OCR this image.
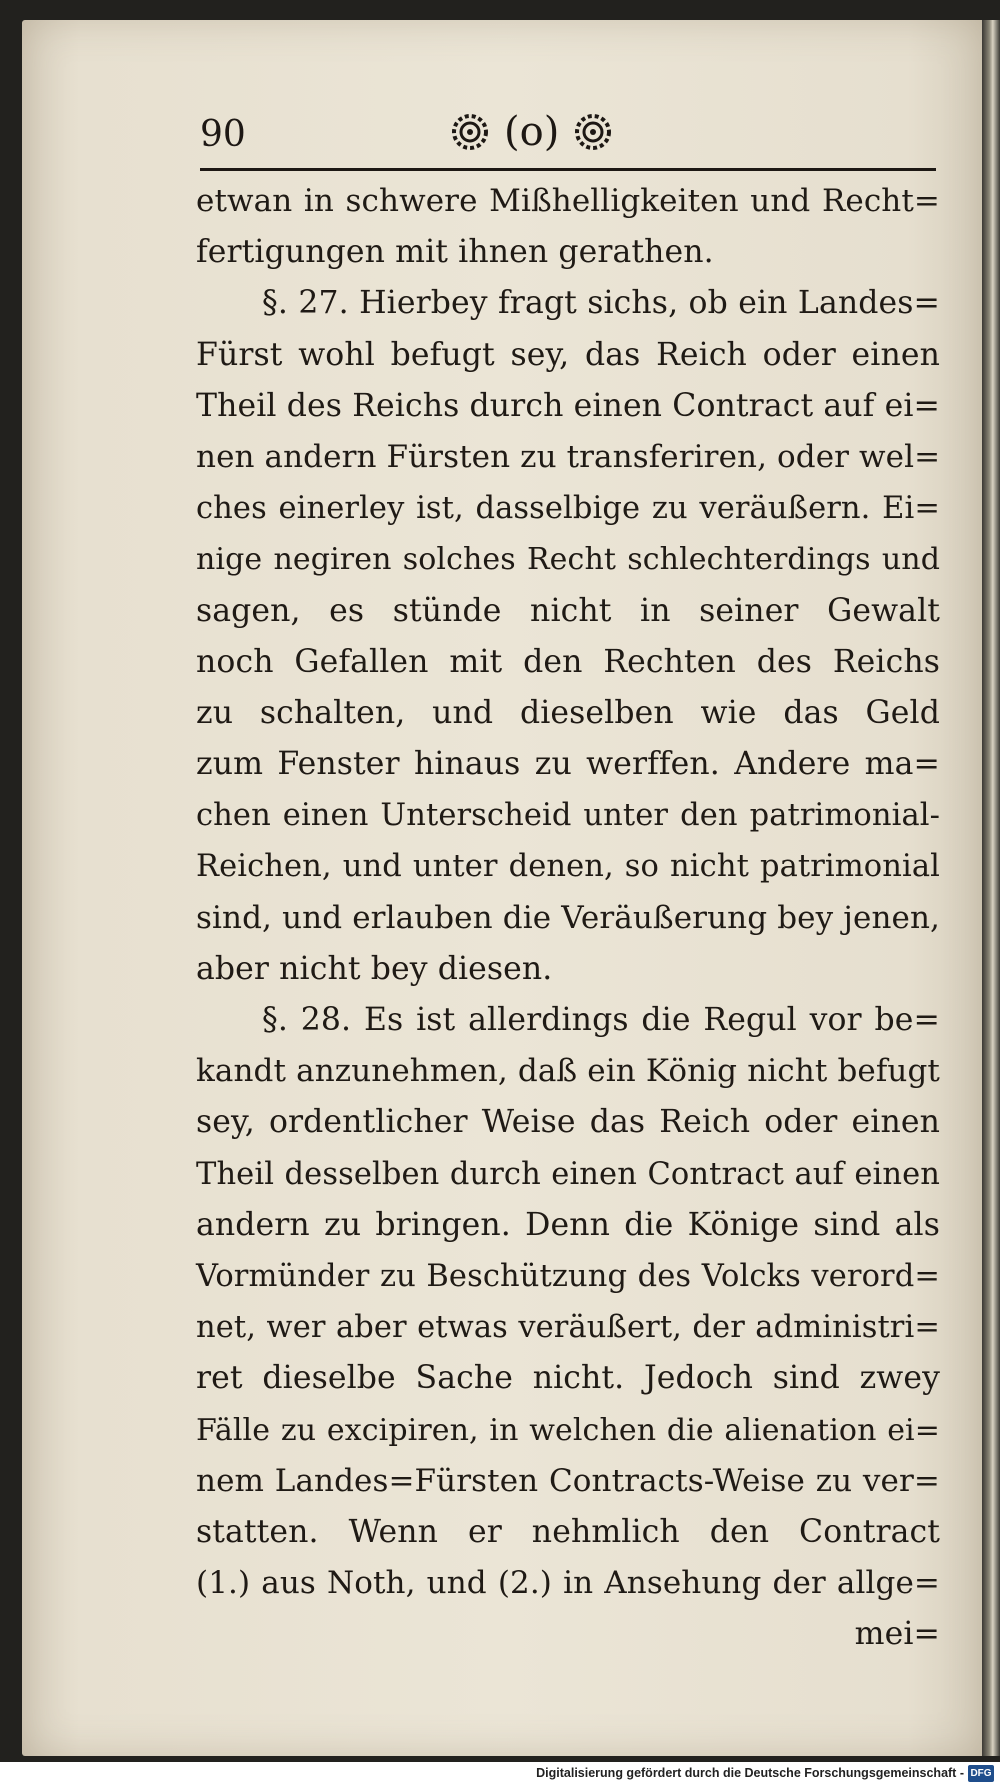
90	(o)
etwan in schwere Mißhelligkeiten und Recht=
fertigungen mit ihnen gerathen.
§. 27. Hierbey fragt sichs, ob ein Landes=
Fürst wohl befugt sey, das Reich oder einen
Theil des Reichs durch einen Contract auf ei=
nen andern Fürsten zu transferiren, oder wel=
ches einerley ist, dasselbige zu veräußern. Ei=
nige negiren solches Recht schlechterdings und
sagen, es stünde nicht in seiner Gewalt
noch Gefallen mit den Rechten des Reichs
zu schalten, und dieselben wie das Geld
zum Fenster hinaus zu werffen. Andere ma=
chen einen Unterscheid unter den patrimonial-
Reichen, und unter denen, so nicht patrimonial
sind, und erlauben die Veräußerung bey jenen,
aber nicht bey diesen.
§. 28. Es ist allerdings die Regul vor be=
kandt anzunehmen, daß ein König nicht befugt
sey, ordentlicher Weise das Reich oder einen
Theil desselben durch einen Contract auf einen
andern zu bringen. Denn die Könige sind als
Vormünder zu Beschützung des Volcks verord=
net, wer aber etwas veräußert, der administri=
ret dieselbe Sache nicht. Jedoch sind zwey
Fälle zu excipiren, in welchen die alienation ei=
nem Landes=Fürsten Contracts-Weise zu ver=
statten. Wenn er nehmlich den Contract
(1.) aus Noth, und (2.) in Ansehung der allge=
mei=
Digitalisierung gefördert durch die Deutsche Forschungsgemeinschaft - DFG
